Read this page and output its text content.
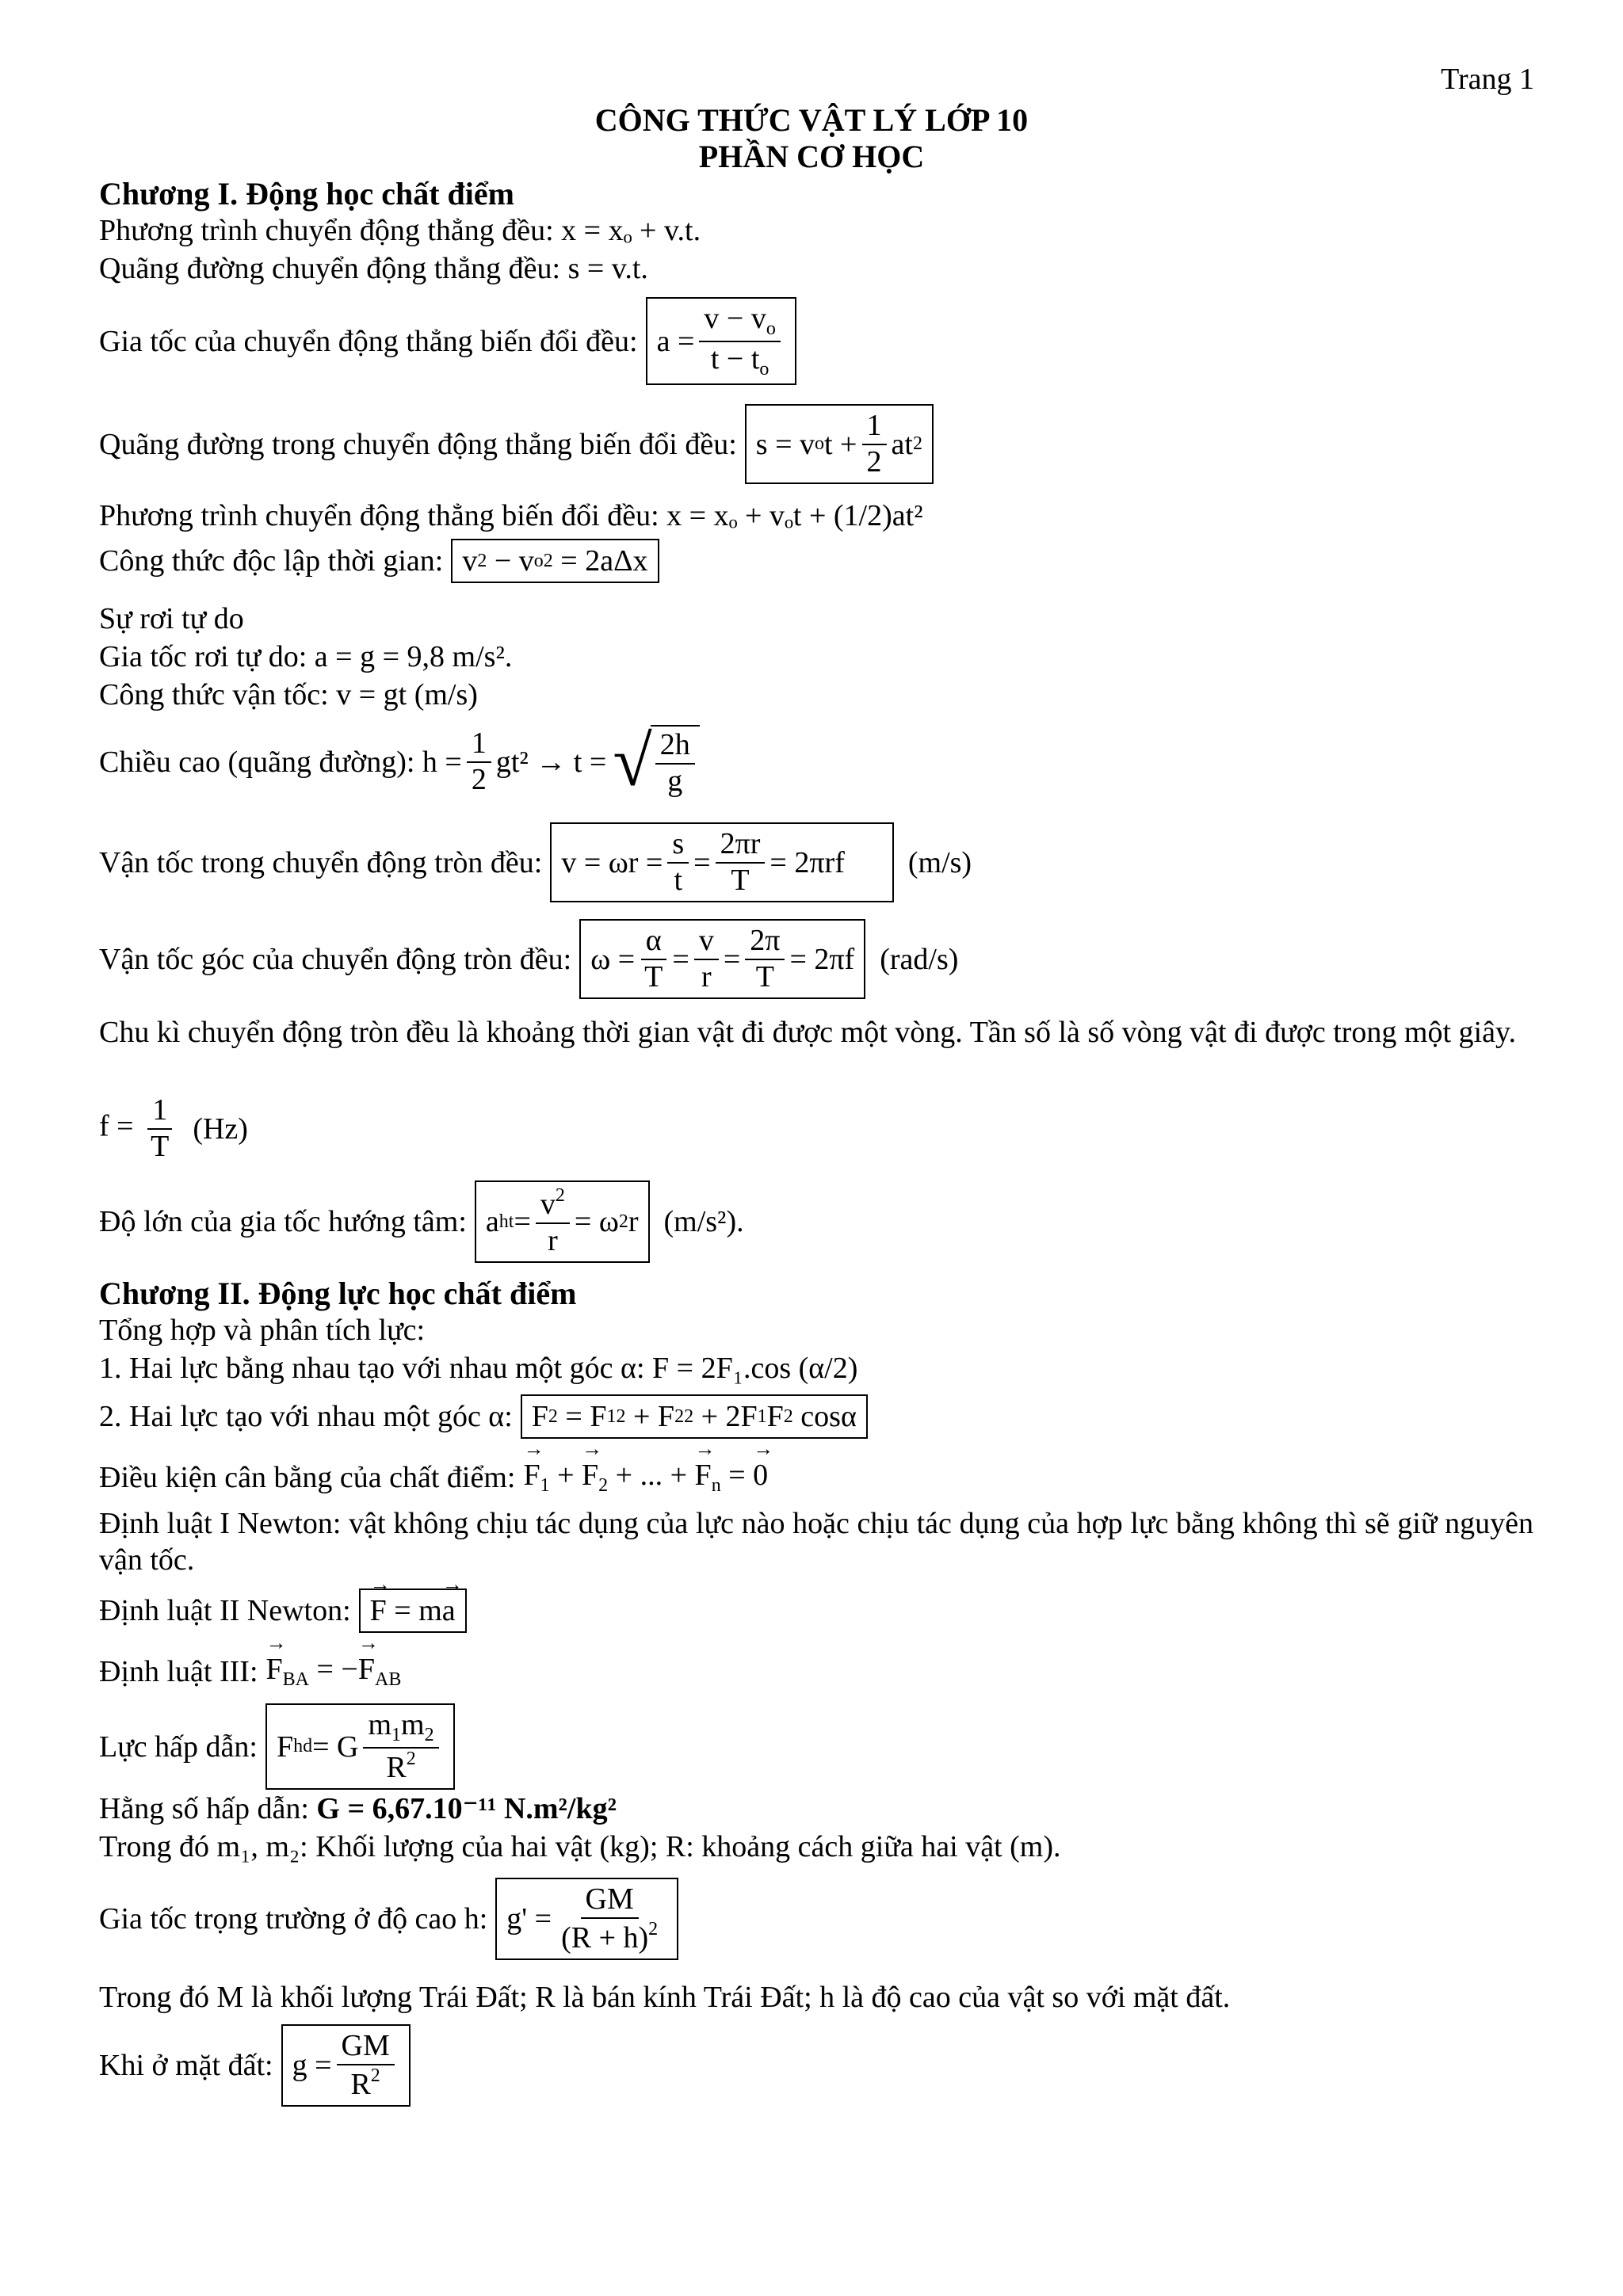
Trang 1
CÔNG THỨC VẬT LÝ LỚP 10
PHẦN CƠ HỌC
Chương I. Động học chất điểm
Phương trình chuyển động thẳng đều: x = xₒ + v.t.
Quãng đường chuyển động thẳng đều: s = v.t.
Gia tốc của chuyển động thẳng biến đổi đều: $a = \frac{v - v_o}{t - t_o}$
Quãng đường trong chuyển động thẳng biến đổi đều: s = v o $t + \frac{1}{2}$ at 2
Phương trình chuyển động thẳng biến đổi đều: x = xₒ + vₒt + (1/2)at²
Công thức độc lập thời gian: v 2 − v o 2 = 2aΔx
Sự rơi tự do
Gia tốc rơi tự do: a = g = 9,8 m/s².
Công thức vận tốc: v = gt (m/s)
Chiều cao (quãng đường): $h = \frac{1}{2} gt^2 \to t$ = √ $\frac{2h}{g}$
Vận tốc trong chuyển động tròn đều: $v = \omega r = \frac{s}{t} = \frac{2\pi r}{T} = 2\pi rf$	(m/s)
Vận tốc góc của chuyển động tròn đều: $\omega = \frac{\alpha}{T} = \frac{v}{r} = \frac{2\pi}{T} = 2\pi f$ (rad/s)
Chu kì chuyển động tròn đều là khoảng thời gian vật đi được một vòng. Tần số là số vòng vật đi được trong một giây.
$f = \frac{1}{T} (Hz)$
Độ lớn của gia tốc hướng tâm: a ht = $\frac{v^2}{r} = \omega$ 2 r (m/s²).
Chương II. Động lực học chất điểm
Tổng hợp và phân tích lực:
1. Hai lực bằng nhau tạo với nhau một góc α: F = 2F₁.cos (α/2)
2. Hai lực tạo với nhau một góc α: F 2 = F 1 2 + F 2 2 + 2F 1 F 2 cosα
Điều kiện cân bằng của chất điểm: → $F_1$ + → $F_2$ + ... + → $F_n$ = → 0
Định luật I Newton: vật không chịu tác dụng của lực nào hoặc chịu tác dụng của hợp lực bằng không thì sẽ giữ nguyên vận tốc.
Định luật II Newton: → F = m → a
Định luật III: → $F_{BA}$ = −→ $F_{AB}$
Lực hấp dẫn: F hd = G $\frac{m_1m_2}{R^2}$
Hằng số hấp dẫn: G = 6,67.10⁻¹¹ N.m²/kg²
Trong đó m₁, m₂: Khối lượng của hai vật (kg); R: khoảng cách giữa hai vật (m).
Gia tốc trọng trường ở độ cao h: $g' = \frac{GM}{(R + h)^2}$
Trong đó M là khối lượng Trái Đất; R là bán kính Trái Đất; h là độ cao của vật so với mặt đất.
Khi ở mặt đất: $g = \frac{GM}{R^2}$
